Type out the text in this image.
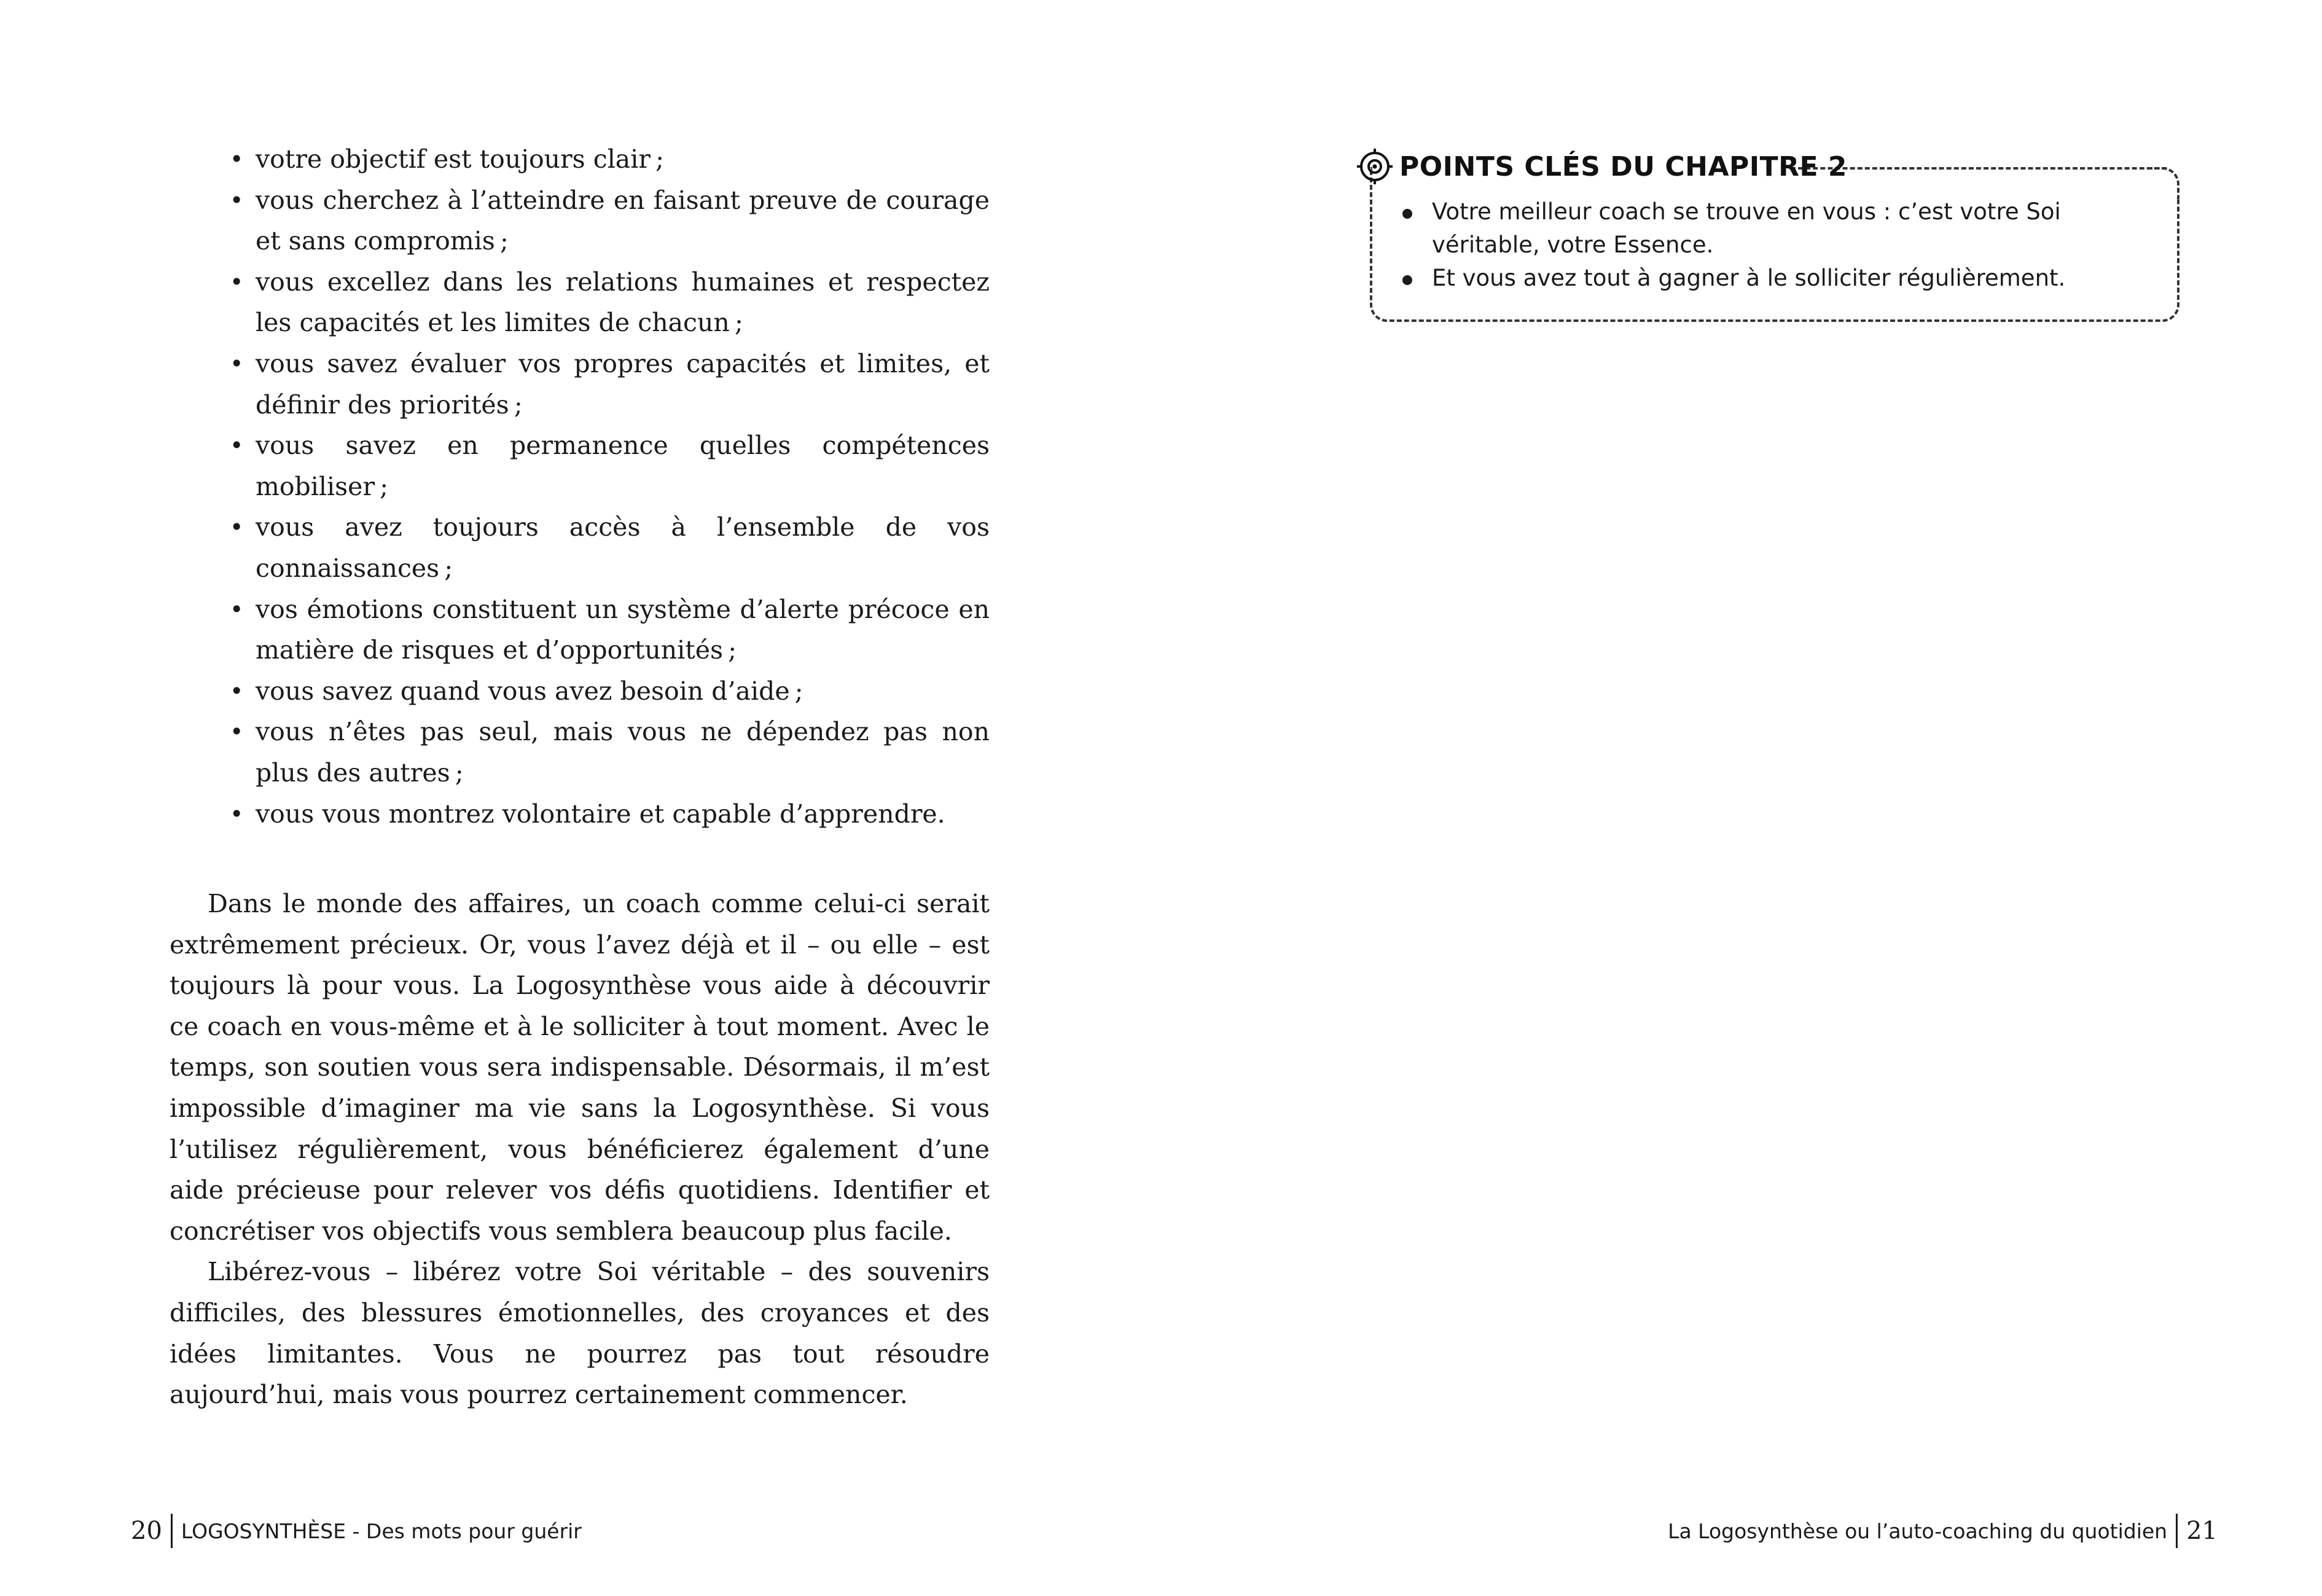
• votre objectif est toujours clair ;
• vous cherchez à l’atteindre en faisant preuve de courage et sans compromis ;
• vous excellez dans les relations humaines et respectez les capacités et les limites de chacun ;
• vous savez évaluer vos propres capacités et limites, et définir des priorités ;
• vous savez en permanence quelles compétences mobiliser ;
• vous avez toujours accès à l’ensemble de vos connaissances ;
• vos émotions constituent un système d’alerte précoce en matière de risques et d’opportunités ;
• vous savez quand vous avez besoin d’aide ;
• vous n’êtes pas seul, mais vous ne dépendez pas non plus des autres ;
• vous vous montrez volontaire et capable d’apprendre.

Dans le monde des affaires, un coach comme celui-ci serait extrêmement précieux. Or, vous l’avez déjà et il – ou elle – est toujours là pour vous. La Logosynthèse vous aide à découvrir ce coach en vous-même et à le solliciter à tout moment. Avec le temps, son soutien vous sera indispensable. Désormais, il m’est impossible d’imaginer ma vie sans la Logosynthèse. Si vous l’utilisez régulièrement, vous bénéficierez également d’une aide précieuse pour relever vos défis quotidiens. Identifier et concrétiser vos objectifs vous semblera beaucoup plus facile.

Libérez-vous – libérez votre Soi véritable – des souvenirs difficiles, des blessures émotionnelles, des croyances et des idées limitantes. Vous ne pourrez pas tout résoudre aujourd’hui, mais vous pourrez certainement commencer.

20 LOGOSYNTHÈSE - Des mots pour guérir
POINTS CLÉS DU CHAPITRE 2
Votre meilleur coach se trouve en vous : c’est votre Soi véritable, votre Essence.
Et vous avez tout à gagner à le solliciter régulièrement.
La Logosynthèse ou l’auto-coaching du quotidien 21
